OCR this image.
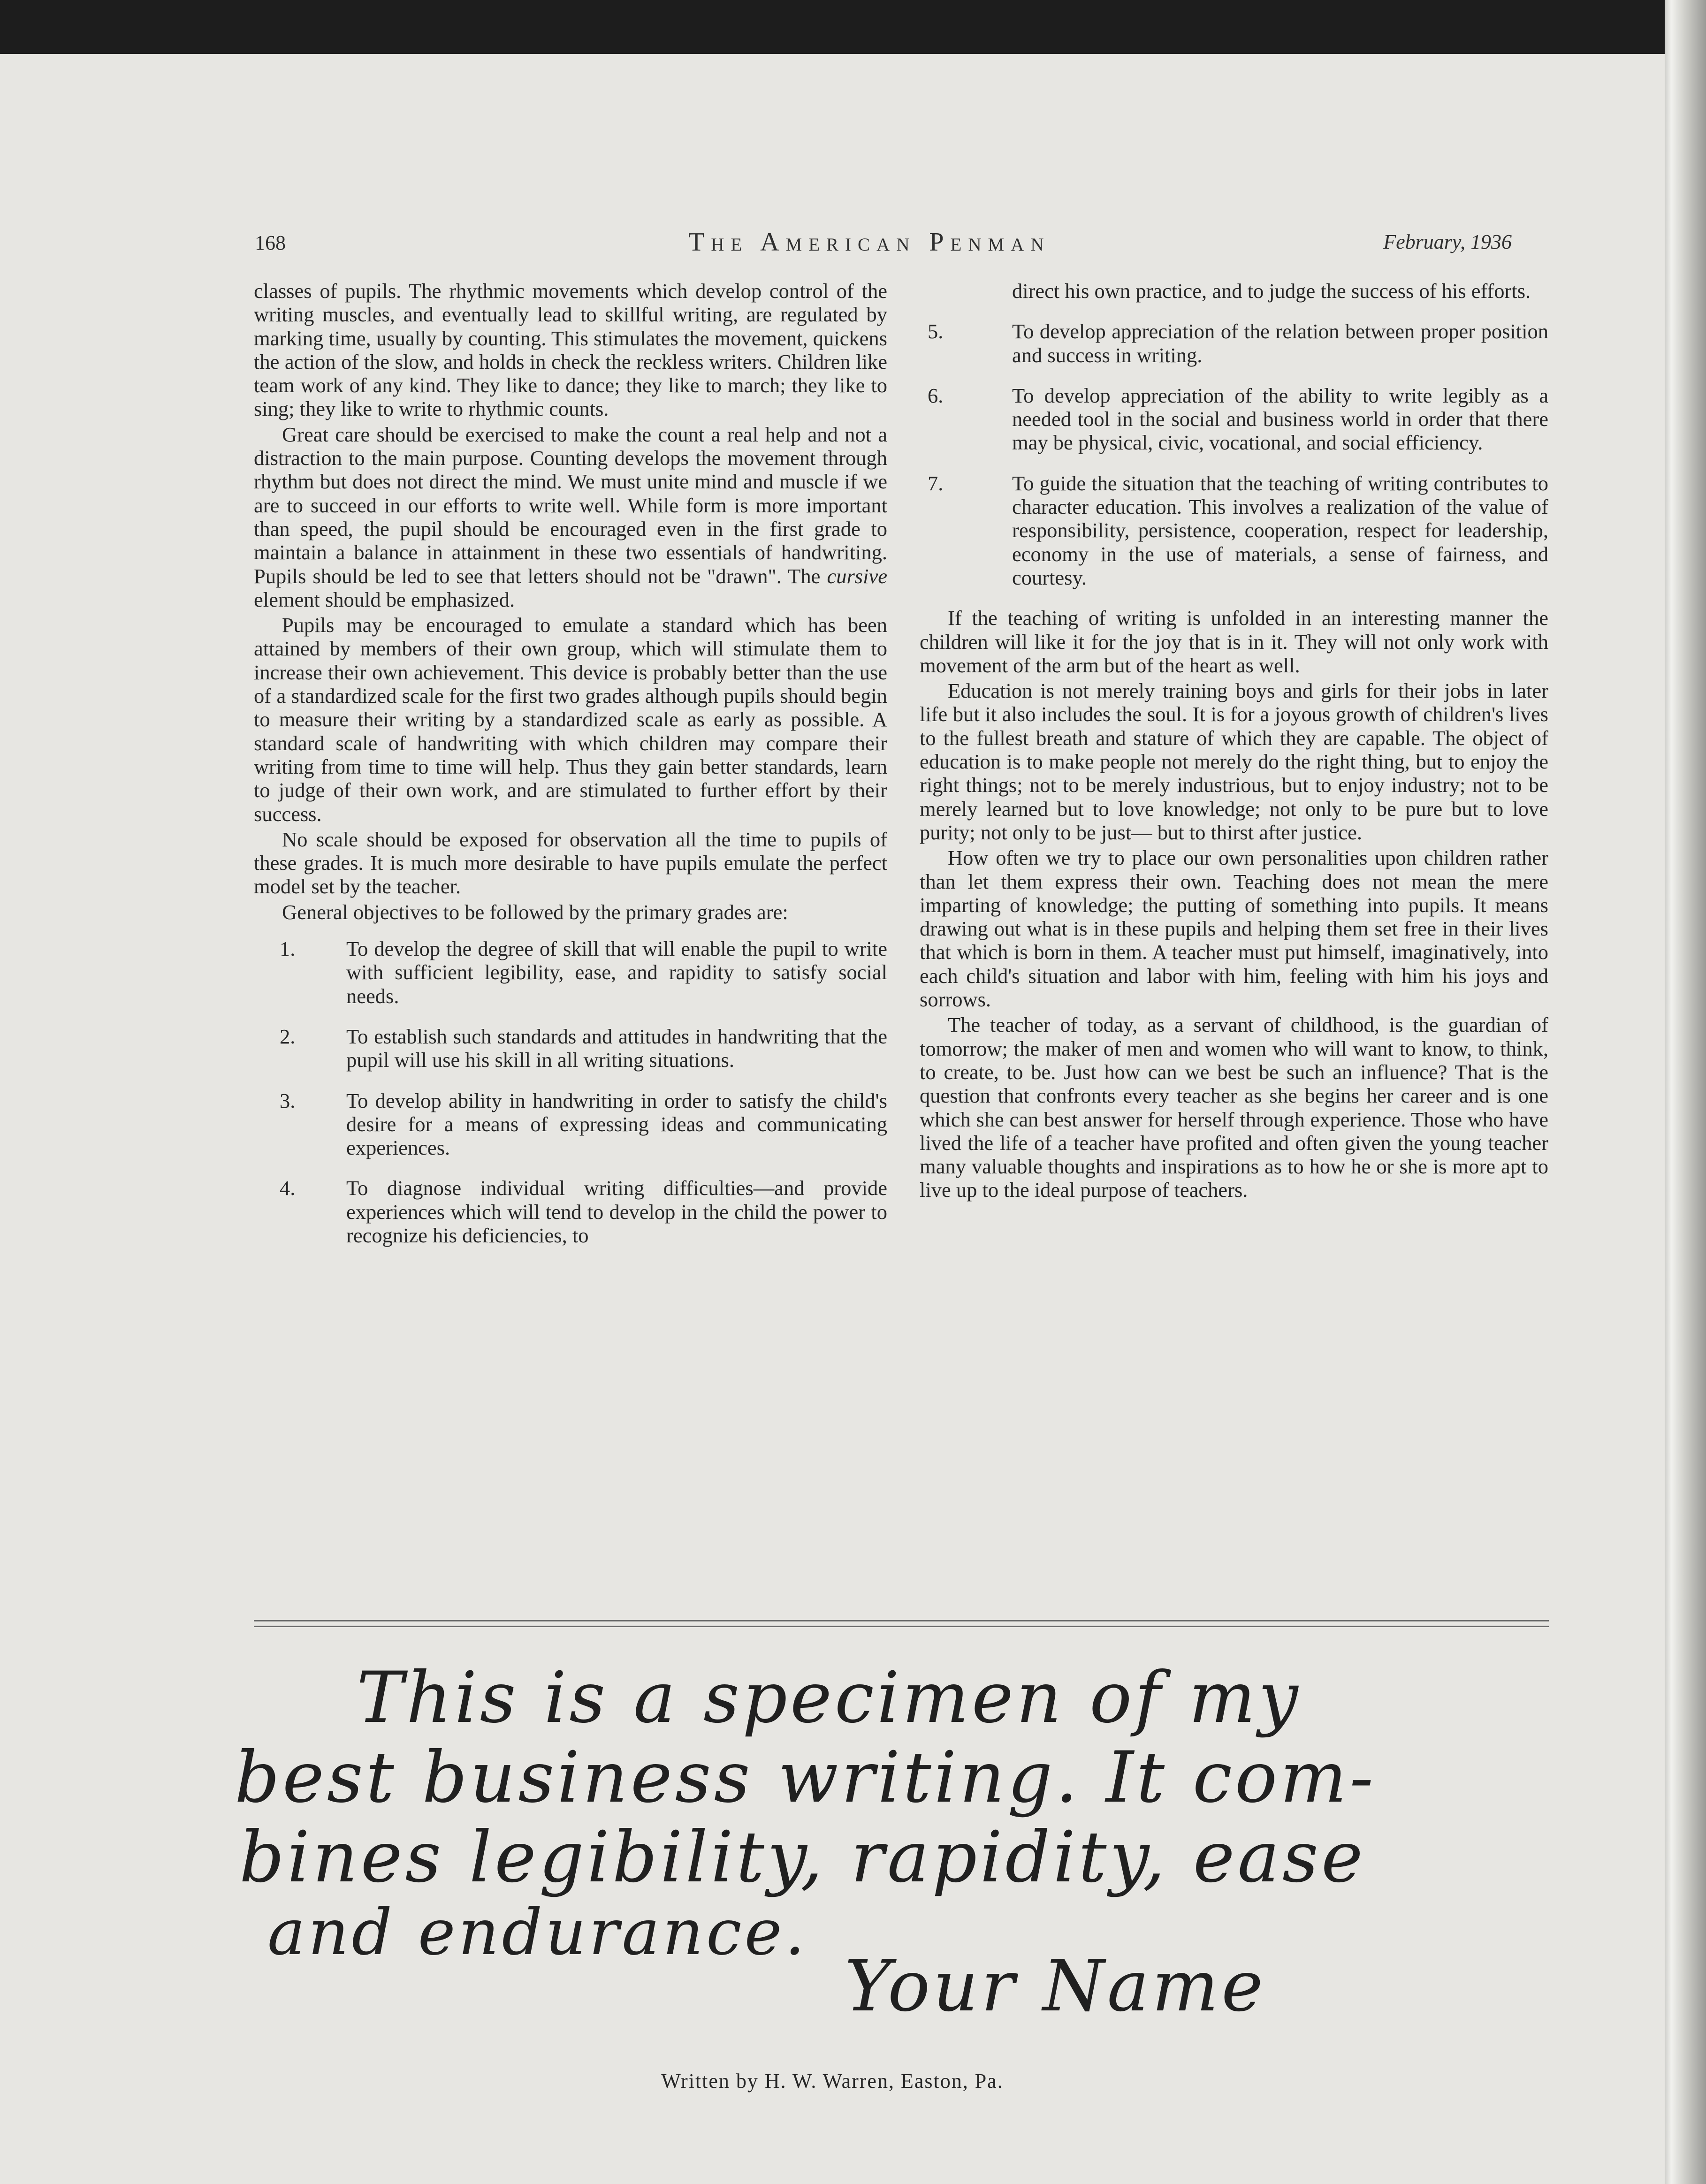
168	The American Penman	February, 1936

classes of pupils. The rhythmic movements which develop control of the writing muscles, and eventually lead to skillful writing, are regulated by marking time, usually by counting. This stimulates the movement, quickens the action of the slow, and holds in check the reckless writers. Children like team work of any kind. They like to dance; they like to march; they like to sing; they like to write to rhythmic counts.

Great care should be exercised to make the count a real help and not a distraction to the main purpose. Counting develops the movement through rhythm but does not direct the mind. We must unite mind and muscle if we are to succeed in our efforts to write well. While form is more important than speed, the pupil should be encouraged even in the first grade to maintain a balance in attainment in these two essentials of handwriting. Pupils should be led to see that letters should not be "drawn". The cursive element should be emphasized.

Pupils may be encouraged to emulate a standard which has been attained by members of their own group, which will stimulate them to increase their own achievement. This device is probably better than the use of a standardized scale for the first two grades although pupils should begin to measure their writing by a standardized scale as early as possible. A standard scale of handwriting with which children may compare their writing from time to time will help. Thus they gain better standards, learn to judge of their own work, and are stimulated to further effort by their success.

No scale should be exposed for observation all the time to pupils of these grades. It is much more desirable to have pupils emulate the perfect model set by the teacher.

General objectives to be followed by the primary grades are:

1. To develop the degree of skill that will enable the pupil to write with sufficient legibility, ease, and rapidity to satisfy social needs.
2. To establish such standards and attitudes in handwriting that the pupil will use his skill in all writing situations.
3. To develop ability in handwriting in order to satisfy the child's desire for a means of expressing ideas and communicating experiences.
4. To diagnose individual writing difficulties—and provide experiences which will tend to develop in the child the power to recognize his deficiencies, to
direct his own practice, and to judge the success of his efforts.
5.	To develop appreciation of the relation between proper position and success in writing.
6.	To develop appreciation of the ability to write legibly as a needed tool in the social and business world in order that there may be physical, civic, vocational, and social efficiency.
7.	To guide the situation that the teaching of writing contributes to character education. This involves a realization of the value of responsibility, persistence, cooperation, respect for leadership, economy in the use of materials, a sense of fairness, and courtesy.

If the teaching of writing is unfolded in an interesting manner the children will like it for the joy that is in it. They will not only work with movement of the arm but of the heart as well.

Education is not merely training boys and girls for their jobs in later life but it also includes the soul. It is for a joyous growth of children's lives to the fullest breath and stature of which they are capable. The object of education is to make people not merely do the right thing, but to enjoy the right things; not to be merely industrious, but to enjoy industry; not to be merely learned but to love knowledge; not only to be pure but to love purity; not only to be just— but to thirst after justice.

How often we try to place our own personalities upon children rather than let them express their own. Teaching does not mean the mere imparting of knowledge; the putting of something into pupils. It means drawing out what is in these pupils and helping them set free in their lives that which is born in them. A teacher must put himself, imaginatively, into each child's situation and labor with him, feeling with him his joys and sorrows.

The teacher of today, as a servant of childhood, is the guardian of tomorrow; the maker of men and women who will want to know, to think, to create, to be. Just how can we best be such an influence? That is the question that confronts every teacher as she begins her career and is one which she can best answer for herself through experience. Those who have lived the life of a teacher have profited and often given the young teacher many valuable thoughts and inspirations as to how he or she is more apt to live up to the ideal purpose of teachers.

This is a specimen of my
best business writing. It com-
bines legibility, rapidity, ease
and endurance.
Your Name
Written by H. W. Warren, Easton, Pa.
